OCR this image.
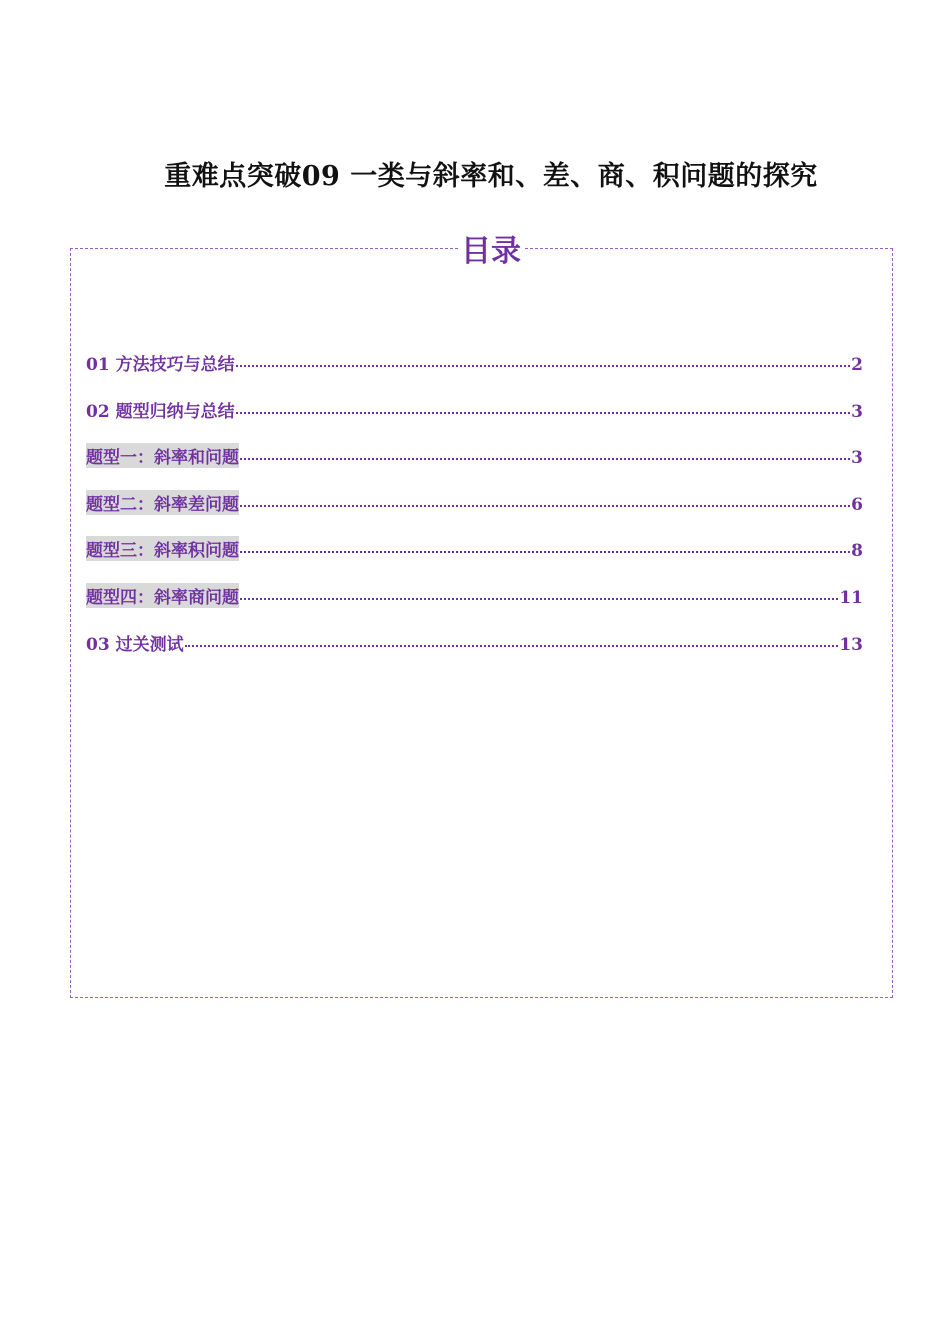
重难点突破09 一类与斜率和、差、商、积问题的探究
目录
01 方法技巧与总结	2
02 题型归纳与总结	3
题型一：斜率和问题	3
题型二：斜率差问题	6
题型三：斜率积问题	8
题型四：斜率商问题	11
03 过关测试	13
